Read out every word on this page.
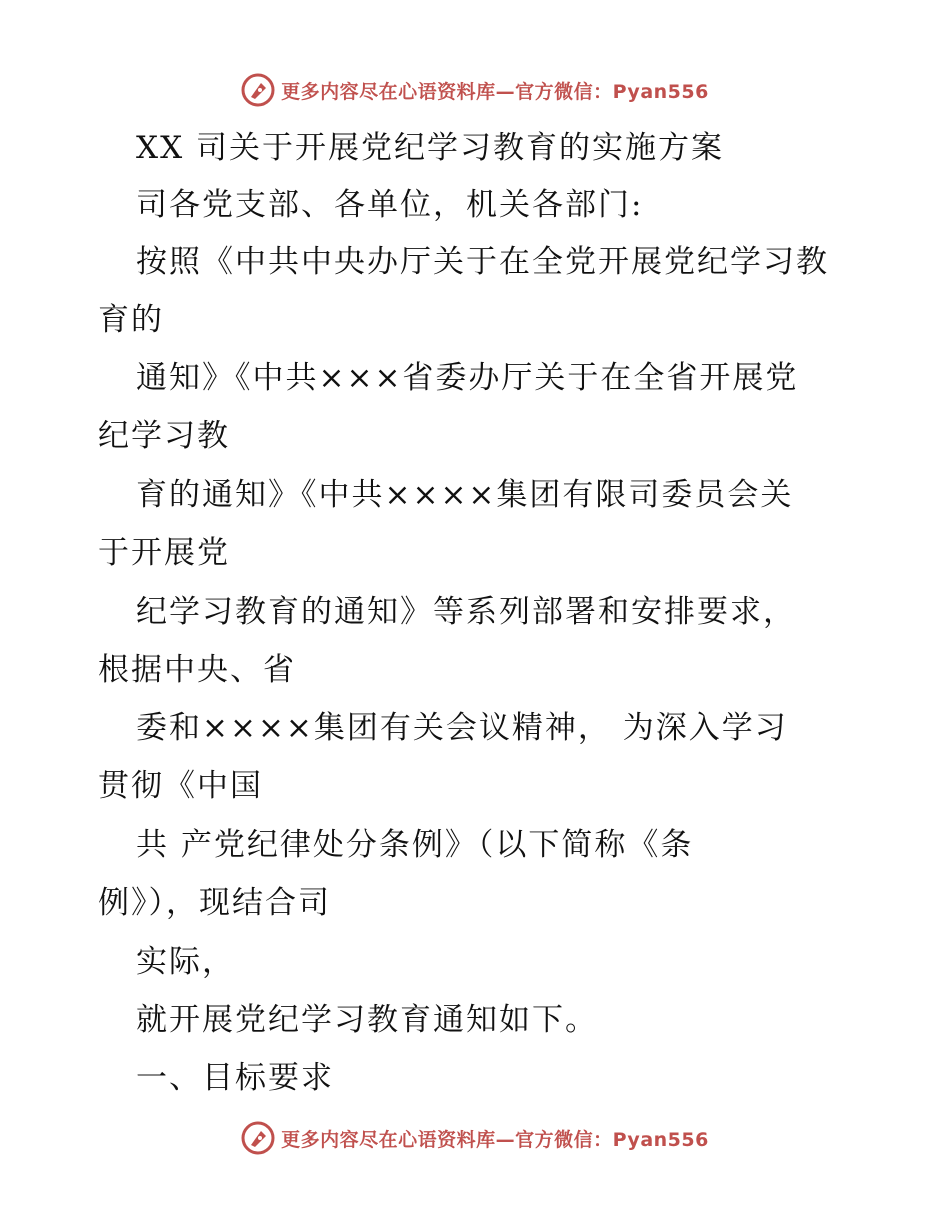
更多内容尽在心语资料库—官方微信：Pyan556
XX 司关于开展党纪学习教育的实施方案
司各党支部、各单位，机关各部门:
按照《中共中央办厅关于在全党开展党纪学习教
育的
通知》《中共×××省委办厅关于在全省开展党
纪学习教
育的通知》《中共××××集团有限司委员会关
于开展党
纪学习教育的通知》等系列部署和安排要求，
根据中央、省
委和××××集团有关会议精神， 为深入学习
贯彻《中国
共 产党纪律处分条例》（以下简称《条
例》），现结合司
实际，
就开展党纪学习教育通知如下。
一、目标要求
更多内容尽在心语资料库—官方微信：Pyan556
